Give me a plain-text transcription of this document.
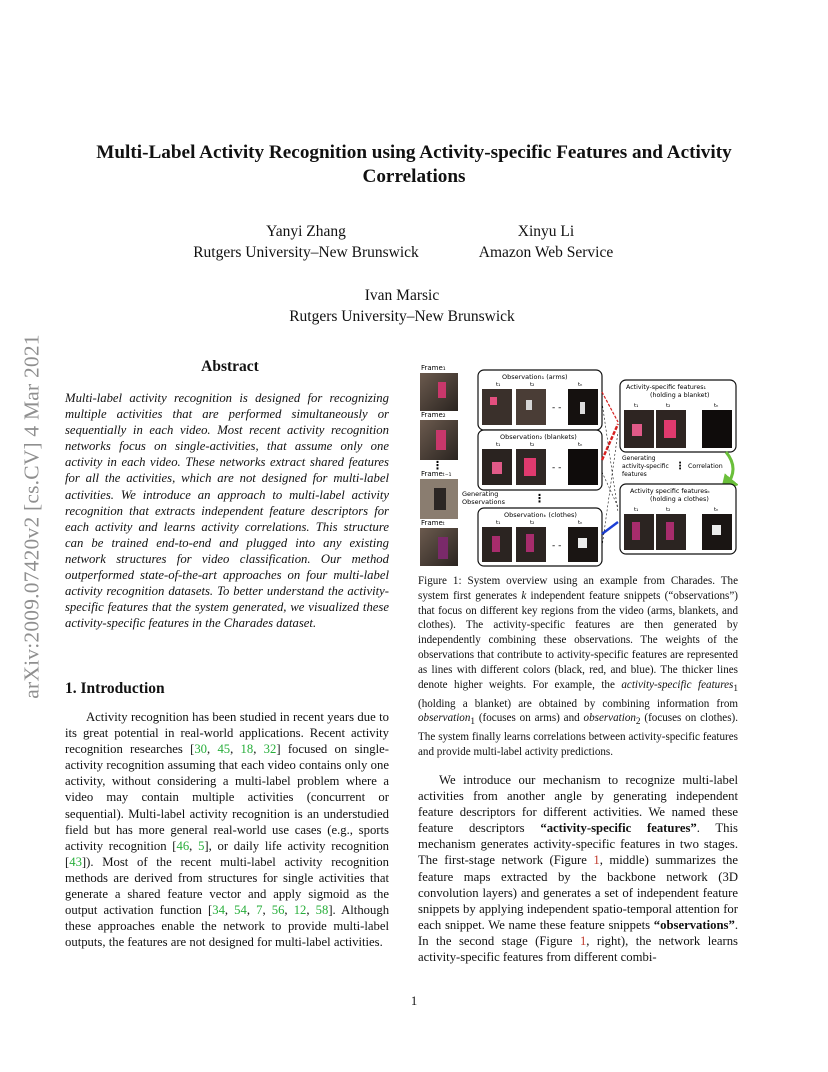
arXiv:2009.07420v2 [cs.CV] 4 Mar 2021
Multi-Label Activity Recognition using Activity-specific Features and Activity
Correlations
Yanyi Zhang
Rutgers University–New Brunswick
Xinyu Li
Amazon Web Service
Ivan Marsic
Rutgers University–New Brunswick
Abstract
Multi-label activity recognition is designed for recognizing multiple activities that are performed simultaneously or sequentially in each video. Most recent activity recognition networks focus on single-activities, that assume only one activity in each video. These networks extract shared features for all the activities, which are not designed for multi-label activities. We introduce an approach to multi-label activity recognition that extracts independent feature descriptors for each activity and learns activity correlations. This structure can be trained end-to-end and plugged into any existing network structures for video classification. Our method outperformed state-of-the-art approaches on four multi-label activity recognition datasets. To better understand the activity-specific features that the system generated, we visualized these activity-specific features in the Charades dataset.
1. Introduction

Activity recognition has been studied in recent years due to its great potential in real-world applications. Recent activity recognition researches [30, 45, 18, 32] focused on single-activity recognition assuming that each video contains only one activity, without considering a multi-label problem where a video may contain multiple activities (concurrent or sequential). Multi-label activity recognition is an understudied field but has more general real-world use cases (e.g., sports activity recognition [46, 5], or daily life activity recognition [43]). Most of the recent multi-label activity recognition methods are derived from structures for single activities that generate a shared feature vector and apply sigmoid as the output activation function [34, 54, 7, 56, 12, 58]. Although these approaches enable the network to provide multi-label outputs, the features are not designed for multi-label activities.

Frame₁
Frame₂
Frameₜ₋₁
Frameₜ
⋮
Observation₁ (arms)
t₁	t₂	tₙ
- -
Observation₂ (blankets)
t₁	t₂	tₙ
- -
Generating
Observations	⋮
Observationₖ (clothes)
t₁	t₂	tₙ
- -
Activity-specific features₁
(holding a blanket)
t₁	t₂	tₙ
Generating
activity-specific
features
⋮ Correlation
Activity specific featuresₖ
(holding a clothes)
t₁	t₂	tₙ
Figure 1: System overview using an example from Charades. The system first generates k independent feature snippets (“observations”) that focus on different key regions from the video (arms, blankets, and clothes). The activity-specific features are then generated by independently combining these observations. The weights of the observations that contribute to activity-specific features are represented as lines with different colors (black, red, and blue). The thicker lines denote higher weights. For example, the activity-specific features$_1$ (holding a blanket) are obtained by combining information from observation$_1$ (focuses on arms) and observation$_2$ (focuses on clothes). The system finally learns correlations between activity-specific features and provide multi-label activity predictions.

We introduce our mechanism to recognize multi-label activities from another angle by generating independent feature descriptors for different activities. We named these feature descriptors “activity-specific features”. This mechanism generates activity-specific features in two stages. The first-stage network (Figure 1, middle) summarizes the feature maps extracted by the backbone network (3D convolution layers) and generates a set of independent feature snippets by applying independent spatio-temporal attention for each snippet. We name these feature snippets “observations”. In the second stage (Figure 1, right), the network learns activity-specific features from different combi-

1
